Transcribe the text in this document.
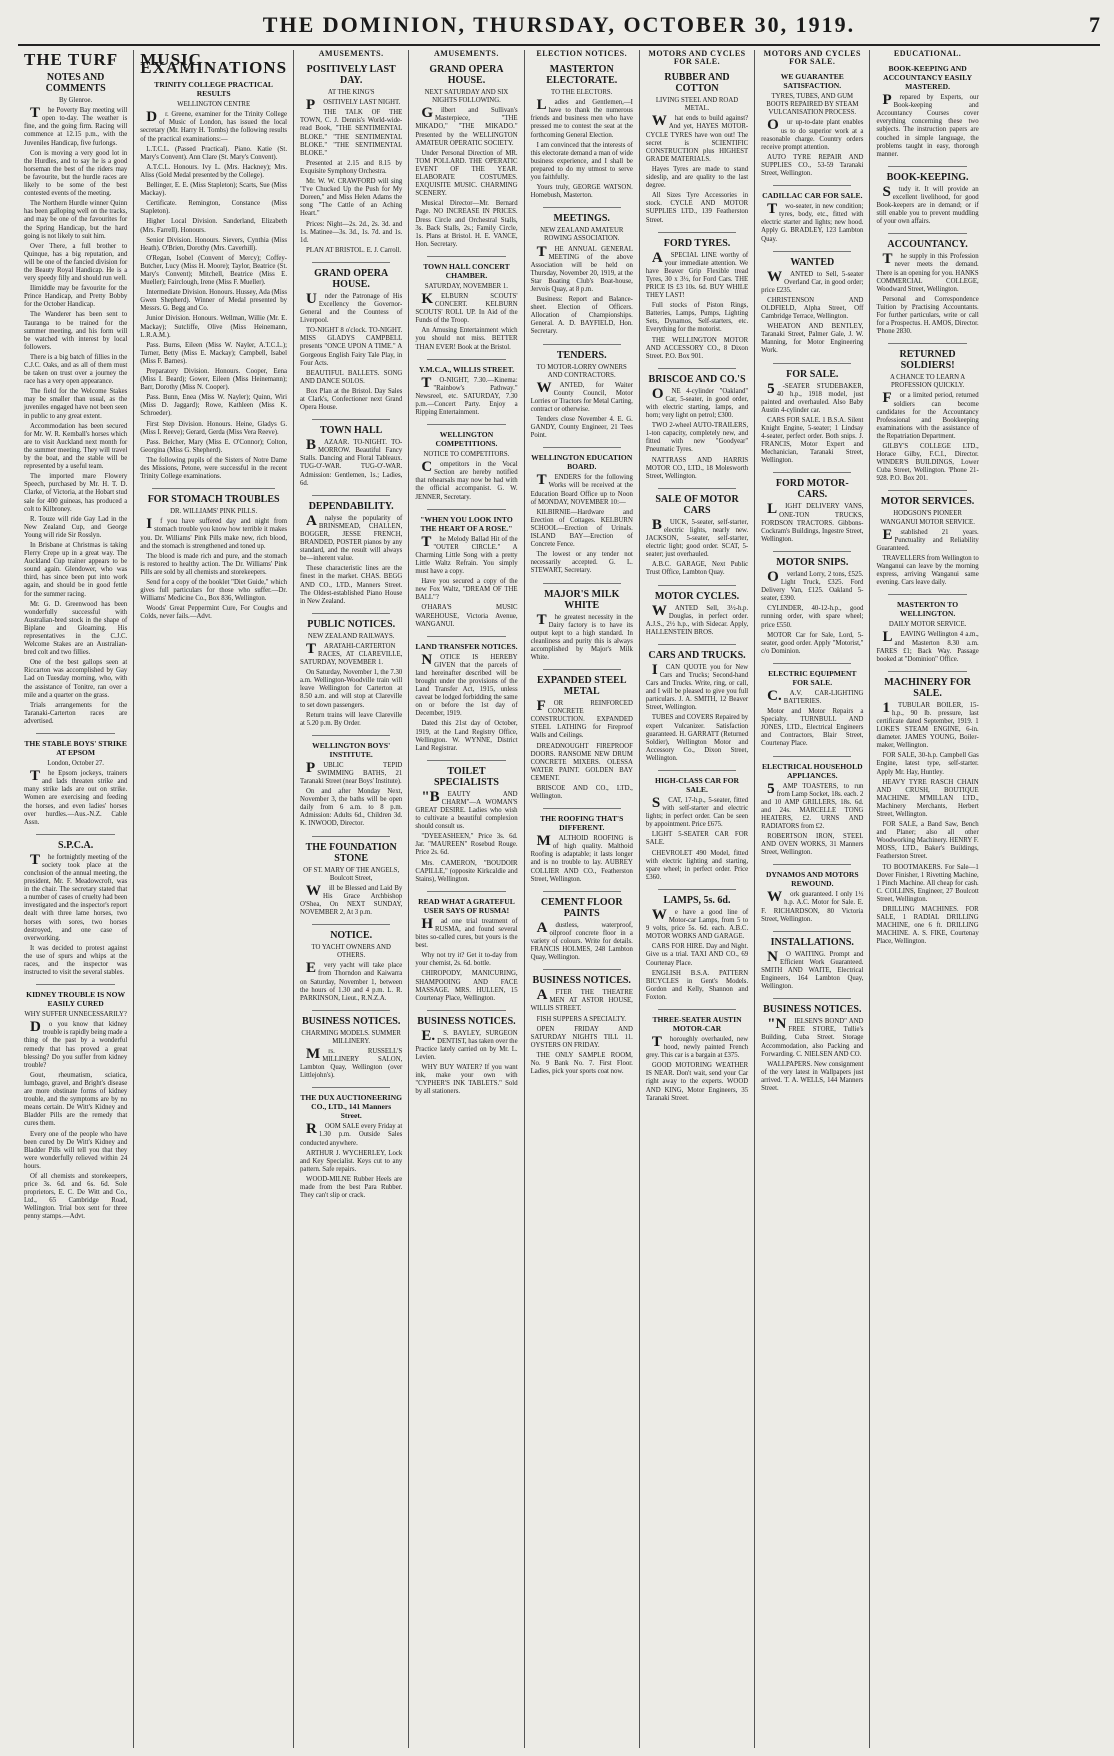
THE DOMINION, THURSDAY, OCTOBER 30, 1919.	7
THE TURF
NOTES AND COMMENTS
By Glenroe.

The Poverty Bay meeting will open to-day. The weather is fine, and the going firm. Racing will commence at 12.15 p.m., with the Juveniles Handicap, five furlongs.

Con is moving a very good lot in the Hurdles, and to say he is a good horseman the best of the riders may be favourite, but the hurdle races are likely to be some of the best contested events of the meeting.

The Northern Hurdle winner Quinn has been galloping well on the tracks, and may be one of the favourites for the Spring Handicap, but the hard going is not likely to suit him.

Over There, a full brother to Quinque, has a big reputation, and will be one of the fancied division for the Beauty Royal Handicap. He is a very speedy filly and should run well.

Ilimiddle may be favourite for the Prince Handicap, and Pretty Bobby for the October Handicap.

The Wanderer has been sent to Tauranga to be trained for the summer meeting, and his form will be watched with interest by local followers.

There is a big batch of fillies in the C.J.C. Oaks, and as all of them must be taken on trust over a journey the race has a very open appearance.

The field for the Welcome Stakes may be smaller than usual, as the juveniles engaged have not been seen in public to any great extent.

Accommodation has been secured for Mr. W. R. Kemball's horses which are to visit Auckland next month for the summer meeting. They will travel by the boat, and the stable will be represented by a useful team.

The imported mare Flowery Speech, purchased by Mr. H. T. D. Clarke, of Victoria, at the Hobart stud sale for 400 guineas, has produced a colt to Kilbroney.

R. Touze will ride Gay Lad in the New Zealand Cup, and George Young will ride Sir Rosslyn.

In Brisbane at Christmas is taking Flerry Crepe up in a great way. The Auckland Cup trainer appears to be sound again. Glendower, who was third, has since been put into work again, and should be in good fettle for the summer racing.

Mr. G. D. Greenwood has been wonderfully successful with Australian-bred stock in the shape of Biplane and Gloaming. His representatives in the C.J.C. Welcome Stakes are an Australian-bred colt and two fillies.

One of the best gallops seen at Riccarton was accomplished by Gay Lad on Tuesday morning, who, with the assistance of Tonitre, ran over a mile and a quarter on the grass.

Trials arrangements for the Taranaki-Carterton races are advertised.

THE STABLE BOYS' STRIKE AT EPSOM
London, October 27.

The Epsom jockeys, trainers and lads threaten strike and many strike lads are out on strike. Women are exercising and feeding the horses, and even ladies' horses over hurdles.—Aus.-N.Z. Cable Assn.

S.P.C.A.

The fortnightly meeting of the society took place at the conclusion of the annual meeting, the president, Mr. F. Meadowcroft, was in the chair. The secretary stated that a number of cases of cruelty had been investigated and the inspector's report dealt with three lame horses, two horses with sores, two horses destroyed, and one case of overworking.

It was decided to protest against the use of spurs and whips at the races, and the inspector was instructed to visit the several stables.

KIDNEY TROUBLE IS NOW EASILY CURED
WHY SUFFER UNNECESSARILY?

Do you know that kidney trouble is rapidly being made a thing of the past by a wonderful remedy that has proved a great blessing? Do you suffer from kidney trouble?

Gout, rheumatism, sciatica, lumbago, gravel, and Bright's disease are more obstinate forms of kidney trouble, and the symptoms are by no means certain. De Witt's Kidney and Bladder Pills are the remedy that cures them.

Every one of the people who have been cured by De Witt's Kidney and Bladder Pills will tell you that they were wonderfully relieved within 24 hours.

Of all chemists and storekeepers, price 3s. 6d. and 6s. 6d. Sole proprietors, E. C. De Witt and Co., Ltd., 65 Cambridge Road, Wellington. Trial box sent for three penny stamps.—Advt.

MUSIC EXAMINATIONS
TRINITY COLLEGE PRACTICAL RESULTS
WELLINGTON CENTRE

Dr. Greene, examiner for the Trinity College of Music of London, has issued the local secretary (Mr. Harry H. Tombs) the following results of the practical examinations:—

L.T.C.L. (Passed Practical). Piano. Katie (St. Mary's Convent). Ann Clare (St. Mary's Convent).

A.T.C.L. Honours. Ivy L. (Mrs. Hackney); Mrs. Aliss (Gold Medal presented by the College).

Bellinger, E. E. (Miss Stapleton); Scarts, Sue (Miss Mackay).

Certificate. Remington, Constance (Miss Stapleton).

Higher Local Division. Sanderland, Elizabeth (Mrs. Farrell). Honours.

Senior Division. Honours. Sievers, Cynthia (Miss Heath). O'Brien, Dorothy (Mrs. Caverhill).

O'Regan, Isobel (Convent of Mercy); Coffey-Butcher, Lucy (Miss H. Moore); Taylor, Beatrice (St. Mary's Convent); Mitchell, Beatrice (Miss E. Mueller); Fairclough, Irene (Miss F. Mueller).

Intermediate Division. Honours. Hussey, Ada (Miss Gwen Shepherd). Winner of Medal presented by Messrs. G. Begg and Co.

Junior Division. Honours. Wellman, Willie (Mr. E. Mackay); Sutcliffe, Olive (Miss Heinemann, L.R.A.M.).

Pass. Burns, Eileen (Miss W. Nayler, A.T.C.L.); Turner, Betty (Miss E. Mackay); Campbell, Isabel (Miss F. Barnes).

Preparatory Division. Honours. Cooper, Eena (Miss I. Beard); Gower, Eileen (Miss Heinemann); Barr, Dorothy (Miss N. Cooper).

Pass. Bunn, Enea (Miss W. Nayler); Quinn, Wiri (Miss D. Jaggard); Rowe, Kathleen (Miss K. Schroeder).

First Step Division. Honours. Heine, Gladys G. (Miss I. Reeve); Gerard, Gerda (Miss Vera Reeve).

Pass. Belcher, Mary (Miss E. O'Connor); Colton, Georgina (Miss G. Shepherd).

The following pupils of the Sisters of Notre Dame des Missions, Petone, were successful in the recent Trinity College examinations.

FOR STOMACH TROUBLES
DR. WILLIAMS' PINK PILLS.

If you have suffered day and night from stomach trouble you know how terrible it makes you. Dr. Williams' Pink Pills make new, rich blood, and the stomach is strengthened and toned up.

The blood is made rich and pure, and the stomach is restored to healthy action. The Dr. Williams' Pink Pills are sold by all chemists and storekeepers.

Send for a copy of the booklet "Diet Guide," which gives full particulars for those who suffer.—Dr. Williams' Medicine Co., Box 836, Wellington.

Woods' Great Peppermint Cure, For Coughs and Colds, never fails.—Advt.

AMUSEMENTS.
POSITIVELY LAST DAY.
AT THE KING'S

POSITIVELY LAST NIGHT.

THE TALK OF THE TOWN, C. J. Dennis's World-wide-read Book, "THE SENTIMENTAL BLOKE." "THE SENTIMENTAL BLOKE." "THE SENTIMENTAL BLOKE."

Presented at 2.15 and 8.15 by Exquisite Symphony Orchestra.

Mr. W. W. CRAWFORD will sing "I've Chucked Up the Push for My Doreen," and Miss Helen Adams the song "The Cattle of an Aching Heart."

Prices: Night—2s. 2d., 2s. 3d. and 1s. Matinee—3s. 3d., 1s. 7d. and 1s. 1d.

PLAN AT BRISTOL. E. J. Carroll.

GRAND OPERA HOUSE.

Under the Patronage of His Excellency the Governor-General and the Countess of Liverpool.

TO-NIGHT 8 o'clock. TO-NIGHT. MISS GLADYS CAMPBELL presents "ONCE UPON A TIME." A Gorgeous English Fairy Tale Play, in Four Acts.

BEAUTIFUL BALLETS. SONG AND DANCE SOLOS.

Box Plan at the Bristol. Day Sales at Clark's, Confectioner next Grand Opera House.

TOWN HALL

BAZAAR. TO-NIGHT. TO-MORROW. Beautiful Fancy Stalls. Dancing and Floral Tableaux. TUG-O'-WAR. TUG-O'-WAR. Admission: Gentlemen, 1s.; Ladies, 6d.

DEPENDABILITY.

Analyse the popularity of BRINSMEAD, CHALLEN, BOGGER, JESSE FRENCH, BRANDED, POSTER pianos by any standard, and the result will always be—inherent value.

These characteristic lines are the finest in the market. CHAS. BEGG AND CO., LTD., Manners Street. The Oldest-established Piano House in New Zealand.

PUBLIC NOTICES.
NEW ZEALAND RAILWAYS.

TARATAHI-CARTERTON RACES, AT CLAREVILLE, SATURDAY, NOVEMBER 1.

On Saturday, November 1, the 7.30 a.m. Wellington-Woodville train will leave Wellington for Carterton at 8.50 a.m. and will stop at Clareville to set down passengers.

Return trains will leave Clareville at 5.20 p.m. By Order.

WELLINGTON BOYS' INSTITUTE.

PUBLIC TEPID SWIMMING BATHS, 21 Taranaki Street (near Boys' Institute).

On and after Monday Next, November 3, the baths will be open daily from 6 a.m. to 8 p.m. Admission: Adults 6d., Children 3d. K. INWOOD, Director.

THE FOUNDATION STONE
OF ST. MARY OF THE ANGELS, Boulcott Street,

Will be Blessed and Laid By His Grace Archbishop O'Shea, On NEXT SUNDAY, NOVEMBER 2, At 3 p.m.

NOTICE.
TO YACHT OWNERS AND OTHERS.

Every yacht will take place from Thorndon and Kaiwarra on Saturday, November 1, between the hours of 1.30 and 4 p.m. L. R. PARKINSON, Lieut., R.N.Z.A.

BUSINESS NOTICES.
CHARMING MODELS. SUMMER MILLINERY.

Mrs. RUSSELL'S MILLINERY SALON, Lambton Quay, Wellington (over Littlejohn's).

THE DUX AUCTIONEERING CO., LTD., 141 Manners Street.

ROOM SALE every Friday at 1.30 p.m. Outside Sales conducted anywhere.

ARTHUR J. WYCHERLEY, Lock and Key Specialist. Keys cut to any pattern. Safe repairs.

WOOD-MILNE Rubber Heels are made from the best Para Rubber. They can't slip or crack.

AMUSEMENTS.
GRAND OPERA HOUSE.
NEXT SATURDAY AND SIX NIGHTS FOLLOWING.

Gilbert and Sullivan's Masterpiece, "THE MIKADO," "THE MIKADO." Presented by the WELLINGTON AMATEUR OPERATIC SOCIETY.

Under Personal Direction of MR. TOM POLLARD. THE OPERATIC EVENT OF THE YEAR. ELABORATE COSTUMES. EXQUISITE MUSIC. CHARMING SCENERY.

Musical Director—Mr. Bernard Page. NO INCREASE IN PRICES. Dress Circle and Orchestral Stalls, 3s. Back Stalls, 2s.; Family Circle, 1s. Plans at Bristol. H. E. VANCE, Hon. Secretary.

TOWN HALL CONCERT CHAMBER.
SATURDAY, NOVEMBER 1.

KELBURN SCOUTS' CONCERT. KELBURN SCOUTS' ROLL UP. In Aid of the Funds of the Troop.

An Amusing Entertainment which you should not miss. BETTER THAN EVER! Book at the Bristol.

Y.M.C.A., WILLIS STREET.

TO-NIGHT, 7.30.—Kinema: "Rainbow's Pathway." Newsreel, etc. SATURDAY, 7.30 p.m.—Concert Party. Enjoy a Ripping Entertainment.

WELLINGTON COMPETITIONS.
NOTICE TO COMPETITORS.

Competitors in the Vocal Section are hereby notified that rehearsals may now be had with the official accompanist. G. W. JENNER, Secretary.

"WHEN YOU LOOK INTO THE HEART OF A ROSE."

The Melody Ballad Hit of the "OUTER CIRCLE." A Charming Little Song with a pretty Little Waltz Refrain. You simply must have a copy.

Have you secured a copy of the new Fox Waltz, "DREAM OF THE BALL"?

O'HARA'S MUSIC WAREHOUSE, Victoria Avenue, WANGANUI.

LAND TRANSFER NOTICES.

NOTICE IS HEREBY GIVEN that the parcels of land hereinafter described will be brought under the provisions of the Land Transfer Act, 1915, unless caveat be lodged forbidding the same on or before the 1st day of December, 1919.

Dated this 21st day of October, 1919, at the Land Registry Office, Wellington. W. WYNNE, District Land Registrar.

TOILET SPECIALISTS

"BEAUTY AND CHARM"—A WOMAN'S GREAT DESIRE. Ladies who wish to cultivate a beautiful complexion should consult us.

"DYEEASHEEN," Price 3s. 6d. Jar. "MAUREEN" Rosebud Rouge. Price 2s. 6d.

Mrs. CAMERON, "BOUDOIR CAPILLE," (opposite Kirkcaldie and Stains), Wellington.

READ WHAT A GRATEFUL USER SAYS OF RUSMA!

Had one trial treatment of RUSMA, and found several bites so-called cures, but yours is the best.

Why not try it? Get it to-day from your chemist, 2s. 6d. bottle.

CHIROPODY, MANICURING, SHAMPOOING AND FACE MASSAGE. MRS. HULLEN, 15 Courtenay Place, Wellington.

BUSINESS NOTICES.

E.S. BAYLEY, SURGEON DENTIST, has taken over the Practice lately carried on by Mr. L. Levien.

WHY BUY WATER? If you want ink, make your own with "CYPHER'S INK TABLETS." Sold by all stationers.

ELECTION NOTICES.
MASTERTON ELECTORATE.
TO THE ELECTORS.

Ladies and Gentlemen,—I have to thank the numerous friends and business men who have pressed me to contest the seat at the forthcoming General Election.

I am convinced that the interests of this electorate demand a man of wide business experience, and I shall be prepared to do my utmost to serve you faithfully.

Yours truly, GEORGE WATSON. Homebush, Masterton.

MEETINGS.
NEW ZEALAND AMATEUR ROWING ASSOCIATION.

THE ANNUAL GENERAL MEETING of the above Association will be held on Thursday, November 20, 1919, at the Star Boating Club's Boat-house, Jervois Quay, at 8 p.m.

Business: Report and Balance-sheet. Election of Officers. Allocation of Championships. General. A. D. BAYFIELD, Hon. Secretary.

TENDERS.
TO MOTOR-LORRY OWNERS AND CONTRACTORS.

WANTED, for Waiter County Council, Motor Lorries or Tractors for Metal Carting, contract or otherwise.

Tenders close November 4. E. G. GANDY, County Engineer, 21 Tees Point.

WELLINGTON EDUCATION BOARD.

TENDERS for the following Works will be received at the Education Board Office up to Noon of MONDAY, NOVEMBER 10:—

KILBIRNIE—Hardware and Erection of Cottages. KELBURN SCHOOL—Erection of Urinals. ISLAND BAY—Erection of Concrete Fence.

The lowest or any tender not necessarily accepted. G. L. STEWART, Secretary.

MAJOR'S MILK WHITE

The greatest necessity in the Dairy factory is to have its output kept to a high standard. In cleanliness and purity this is always accomplished by Major's Milk White.

EXPANDED STEEL METAL

FOR REINFORCED CONCRETE CONSTRUCTION. EXPANDED STEEL LATHING for Fireproof Walls and Ceilings.

DREADNOUGHT FIREPROOF DOORS. RANSOME NEW DRUM CONCRETE MIXERS. OLESSA WATER PAINT. GOLDEN BAY CEMENT.

BRISCOE AND CO., LTD., Wellington.

THE ROOFING THAT'S DIFFERENT.

MALTHOID ROOFING is of high quality. Malthoid Roofing is adaptable; it lasts longer and is no trouble to lay. AUBREY COLLIER AND CO., Featherston Street, Wellington.

CEMENT FLOOR PAINTS

Adustless, waterproof, oilproof concrete floor in a variety of colours. Write for details. FRANCIS HOLMES, 248 Lambton Quay, Wellington.

BUSINESS NOTICES.

AFTER THE THEATRE MEN AT ASTOR HOUSE, WILLIS STREET.

FISH SUPPERS A SPECIALTY.

OPEN FRIDAY AND SATURDAY NIGHTS TILL 11. OYSTERS ON FRIDAY.

THE ONLY SAMPLE ROOM, No. 9 Bank No. 7. First Floor. Ladies, pick your sports coat now.

MOTORS AND CYCLES FOR SALE.
RUBBER AND COTTON
LIVING STEEL AND ROAD METAL.

What ends to build against? And yet, HAYES MOTOR-CYCLE TYRES have won out! The secret is SCIENTIFIC CONSTRUCTION plus HIGHEST GRADE MATERIALS.

Hayes Tyres are made to stand sideslip, and are quality to the last degree.

All Sizes Tyre Accessories in stock. CYCLE AND MOTOR SUPPLIES LTD., 139 Featherston Street.

FORD TYRES.

ASPECIAL LINE worthy of your immediate attention. We have Beaver Grip Flexible tread Tyres, 30 x 3½, for Ford Cars. THE PRICE IS £3 10s. 6d. BUY WHILE THEY LAST!

Full stocks of Piston Rings, Batteries, Lamps, Pumps, Lighting Sets, Dynamos, Self-starters, etc. Everything for the motorist.

THE WELLINGTON MOTOR AND ACCESSORY CO., 8 Dixon Street. P.O. Box 901.

BRISCOE AND CO.'S

ONE 4-cylinder "Oakland" Car, 5-seater, in good order, with electric starting, lamps, and horn; very light on petrol; £300.

TWO 2-wheel AUTO-TRAILERS, 1-ton capacity, completely new, and fitted with new "Goodyear" Pneumatic Tyres.

NATTRASS AND HARRIS MOTOR CO., LTD., 18 Molesworth Street, Wellington.

SALE OF MOTOR CARS

BUICK, 5-seater, self-starter, electric lights, nearly new. JACKSON, 5-seater, self-starter, electric light; good order. SCAT, 5-seater; just overhauled.

A.B.C. GARAGE, Next Public Trust Office, Lambton Quay.

MOTOR CYCLES.

WANTED Sell, 3½-h.p. Douglas, in perfect order. A.J.S., 2½ h.p., with Sidecar. Apply, HALLENSTEIN BROS.

CARS AND TRUCKS.

ICAN QUOTE you for New Cars and Trucks; Second-hand Cars and Trucks. Write, ring, or call, and I will be pleased to give you full particulars. J. A. SMITH, 12 Beaver Street, Wellington.

TUBES and COVERS Repaired by expert Vulcanizer. Satisfaction guaranteed. H. GARRATT (Returned Soldier), Wellington Motor and Accessory Co., Dixon Street, Wellington.

HIGH-CLASS CAR FOR SALE.

SCAT, 17-h.p., 5-seater, fitted with self-starter and electric lights; in perfect order. Can be seen by appointment. Price £675.

LIGHT 5-SEATER CAR FOR SALE.

CHEVROLET 490 Model, fitted with electric lighting and starting, spare wheel; in perfect order. Price £360.

LAMPS, 5s. 6d.

We have a good line of Motor-car Lamps, from 5 to 9 volts, price 5s. 6d. each. A.B.C. MOTOR WORKS AND GARAGE.

CARS FOR HIRE. Day and Night. Give us a trial. TAXI AND CO., 69 Courtenay Place.

ENGLISH B.S.A. PATTERN BICYCLES in Gent's Models. Gordon and Kelly, Shannon and Foxton.

THREE-SEATER AUSTIN MOTOR-CAR

Thoroughly overhauled, new hood, newly painted French grey. This car is a bargain at £375.

GOOD MOTORING WEATHER IS NEAR. Don't wait, send your Car right away to the experts. WOOD AND KING, Motor Engineers, 35 Taranaki Street.

MOTORS AND CYCLES FOR SALE.
WE GUARANTEE SATISFACTION.
TYRES, TUBES, AND GUM BOOTS REPAIRED BY STEAM VULCANISATION PROCESS.

Our up-to-date plant enables us to do superior work at a reasonable charge. Country orders receive prompt attention.

AUTO TYRE REPAIR AND SUPPLIES CO., 53-59 Taranaki Street, Wellington.

CADILLAC CAR FOR SALE.

Two-seater, in new condition; tyres, body, etc., fitted with electric starter and lights; new hood. Apply G. BRADLEY, 123 Lambton Quay.

WANTED

WANTED to Sell, 5-seater Overland Car, in good order; price £235.

CHRISTENSON AND OLDFIELD, Alpha Street, Off Cambridge Terrace, Wellington.

WHEATON AND BENTLEY, Taranaki Street, Palmer Gale, J. W. Manning, for Motor Engineering Work.

FOR SALE.

5-SEATER STUDEBAKER, 40 h.p., 1918 model, just painted and overhauled. Also Baby Austin 4-cylinder car.

CARS FOR SALE. 1 B.S.A. Silent Knight Engine, 5-seater; 1 Lindsay 4-seater, perfect order. Both snips. J. FRANCIS, Motor Expert and Mechanician, Taranaki Street, Wellington.

FORD MOTOR-CARS.

LIGHT DELIVERY VANS, ONE-TON TRUCKS, FORDSON TRACTORS. Gibbons-Cockram's Buildings, Ingestre Street, Wellington.

MOTOR SNIPS.

Overland Lorry, 2 tons, £525. Light Truck, £325. Ford Delivery Van, £125. Oakland 5-seater, £390.

CYLINDER, 40-12-h.p., good running order, with spare wheel; price £550.

MOTOR Car for Sale, Lord, 5-seater, good order. Apply "Motorist," c/o Dominion.

ELECTRIC EQUIPMENT FOR SALE.

C.A.V. CAR-LIGHTING BATTERIES.

Motor and Motor Repairs a Specialty. TURNBULL AND JONES, LTD., Electrical Engineers and Contractors, Blair Street, Courtenay Place.

ELECTRICAL HOUSEHOLD APPLIANCES.

5AMP TOASTERS, to run from Lamp Socket, 18s. each. 2 and 10 AMP GRILLERS, 18s. 6d. and 24s. MARCELLE TONG HEATERS, £2. URNS AND RADIATORS from £2.

ROBERTSON IRON, STEEL AND OVEN WORKS, 31 Manners Street, Wellington.

DYNAMOS AND MOTORS REWOUND.

Work guaranteed. I only 1½ h.p. A.C. Motor for Sale. E. F. RICHARDSON, 80 Victoria Street, Wellington.

INSTALLATIONS.

NO WAITING. Prompt and Efficient Work Guaranteed. SMITH AND WAITE, Electrical Engineers, 164 Lambton Quay, Wellington.

BUSINESS NOTICES.

"NIELSEN'S BOND" AND FREE STORE, Tullie's Building, Cuba Street. Storage Accommodation, also Packing and Forwarding. C. NIELSEN AND CO.

WALLPAPERS. New consignment of the very latest in Wallpapers just arrived. T. A. WELLS, 144 Manners Street.

EDUCATIONAL.
BOOK-KEEPING AND ACCOUNTANCY EASILY MASTERED.

Prepared by Experts, our Book-keeping and Accountancy Courses cover everything concerning these two subjects. The instruction papers are couched in simple language, the problems taught in easy, thorough manner.

BOOK-KEEPING.

Study it. It will provide an excellent livelihood, for good Book-keepers are in demand; or if still enable you to prevent muddling of your own affairs.

ACCOUNTANCY.

The supply in this Profession never meets the demand. There is an opening for you. HANKS COMMERCIAL COLLEGE, Woodward Street, Wellington.

Personal and Correspondence Tuition by Practising Accountants. For further particulars, write or call for a Prospectus. H. AMOS, Director. 'Phone 2830.

RETURNED SOLDIERS!
A CHANCE TO LEARN A PROFESSION QUICKLY.

For a limited period, returned soldiers can become candidates for the Accountancy Professional and Bookkeeping examinations with the assistance of the Repatriation Department.

GILBY'S COLLEGE LTD., Horace Gilby, F.C.I., Director. WINDER'S BUILDINGS, Lower Cuba Street, Wellington. 'Phone 21-928. P.O. Box 201.

MOTOR SERVICES.
HODGSON'S PIONEER WANGANUI MOTOR SERVICE.

Established 21 years. Punctuality and Reliability Guaranteed.

TRAVELLERS from Wellington to Wanganui can leave by the morning express, arriving Wanganui same evening. Cars leave daily.

MASTERTON TO WELLINGTON.
DAILY MOTOR SERVICE.

LEAVING Wellington 4 a.m., and Masterton 8.30 a.m. FARES £1; Back Way. Passage booked at "Dominion" Office.

MACHINERY FOR SALE.

1TUBULAR BOILER, 15-h.p., 90 lb. pressure, last certificate dated September, 1919. 1 LOKE'S STEAM ENGINE, 6-in. diameter. JAMES YOUNG, Boiler-maker, Wellington.

FOR SALE, 30-h.p. Campbell Gas Engine, latest type, self-starter. Apply Mr. Hay, Huntley.

HEAVY TYRE RASCH CHAIN AND CRUSH, BOUTIQUE MACHINE. M'MILLAN LTD., Machinery Merchants, Herbert Street, Wellington.

FOR SALE, a Band Saw, Bench and Planer; also all other Woodworking Machinery. HENRY F. MOSS, LTD., Baker's Buildings, Featherston Street.

TO BOOTMAKERS. For Sale—1 Dover Finisher, 1 Rivetting Machine, 1 Pinch Machine. All cheap for cash. C. COLLINS, Engineer, 27 Boulcott Street, Wellington.

DRILLING MACHINES. FOR SALE, 1 RADIAL DRILLING MACHINE, one 6 ft. DRILLING MACHINE. A. S. FIKE, Courtenay Place, Wellington.
